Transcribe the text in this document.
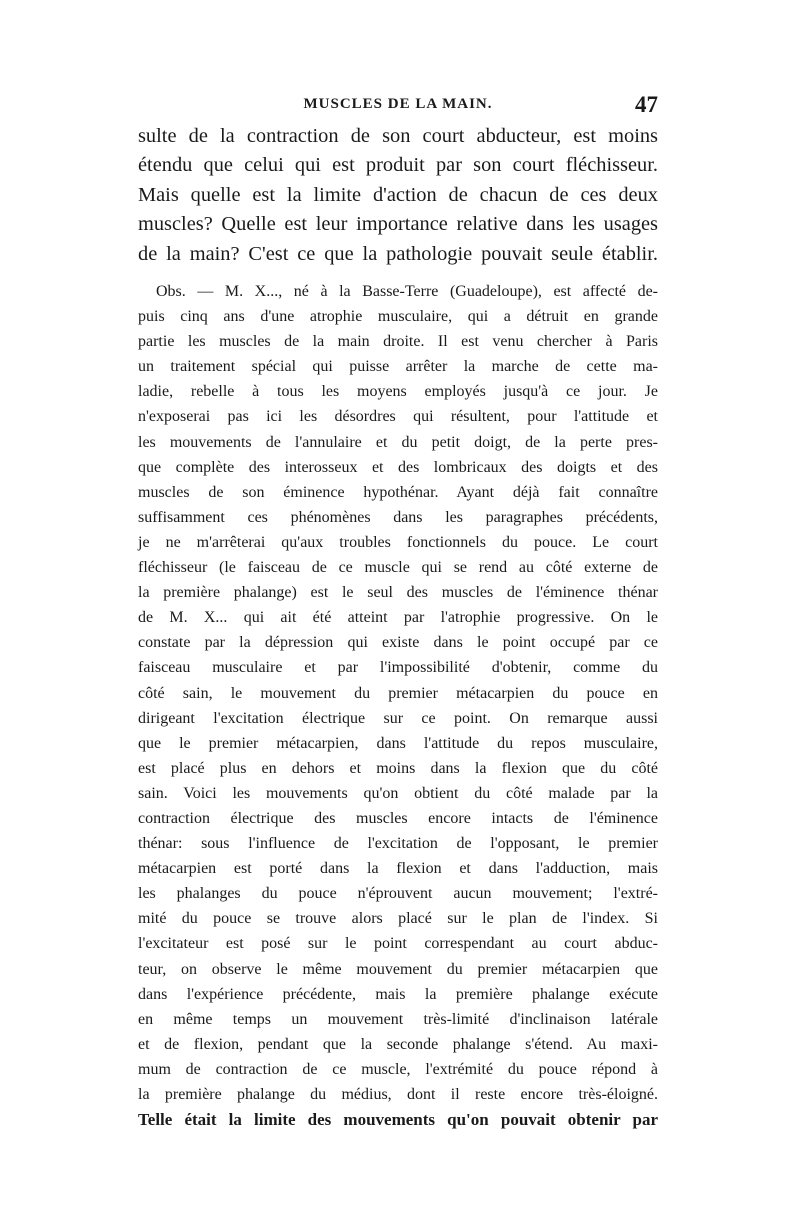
MUSCLES DE LA MAIN.	47
sulte de la contraction de son court abducteur, est moins
étendu que celui qui est produit par son court fléchisseur.
Mais quelle est la limite d'action de chacun de ces deux
muscles? Quelle est leur importance relative dans les usages
de la main? C'est ce que la pathologie pouvait seule établir.
Obs. — M. X..., né à la Basse-Terre (Guadeloupe), est affecté de-
puis cinq ans d'une atrophie musculaire, qui a détruit en grande
partie les muscles de la main droite. Il est venu chercher à Paris
un traitement spécial qui puisse arrêter la marche de cette ma-
ladie, rebelle à tous les moyens employés jusqu'à ce jour. Je
n'exposerai pas ici les désordres qui résultent, pour l'attitude et
les mouvements de l'annulaire et du petit doigt, de la perte pres-
que complète des interosseux et des lombricaux des doigts et des
muscles de son éminence hypothénar. Ayant déjà fait connaître
suffisamment ces phénomènes dans les paragraphes précédents,
je ne m'arrêterai qu'aux troubles fonctionnels du pouce. Le court
fléchisseur (le faisceau de ce muscle qui se rend au côté externe de
la première phalange) est le seul des muscles de l'éminence thénar
de M. X... qui ait été atteint par l'atrophie progressive. On le
constate par la dépression qui existe dans le point occupé par ce
faisceau musculaire et par l'impossibilité d'obtenir, comme du
côté sain, le mouvement du premier métacarpien du pouce en
dirigeant l'excitation électrique sur ce point. On remarque aussi
que le premier métacarpien, dans l'attitude du repos musculaire,
est placé plus en dehors et moins dans la flexion que du côté
sain. Voici les mouvements qu'on obtient du côté malade par la
contraction électrique des muscles encore intacts de l'éminence
thénar: sous l'influence de l'excitation de l'opposant, le premier
métacarpien est porté dans la flexion et dans l'adduction, mais
les phalanges du pouce n'éprouvent aucun mouvement; l'extré-
mité du pouce se trouve alors placé sur le plan de l'index. Si
l'excitateur est posé sur le point correspendant au court abduc-
teur, on observe le même mouvement du premier métacarpien que
dans l'expérience précédente, mais la première phalange exécute
en même temps un mouvement très-limité d'inclinaison latérale
et de flexion, pendant que la seconde phalange s'étend. Au maxi-
mum de contraction de ce muscle, l'extrémité du pouce répond à
la première phalange du médius, dont il reste encore très-éloigné.
Telle était la limite des mouvements qu'on pouvait obtenir par
